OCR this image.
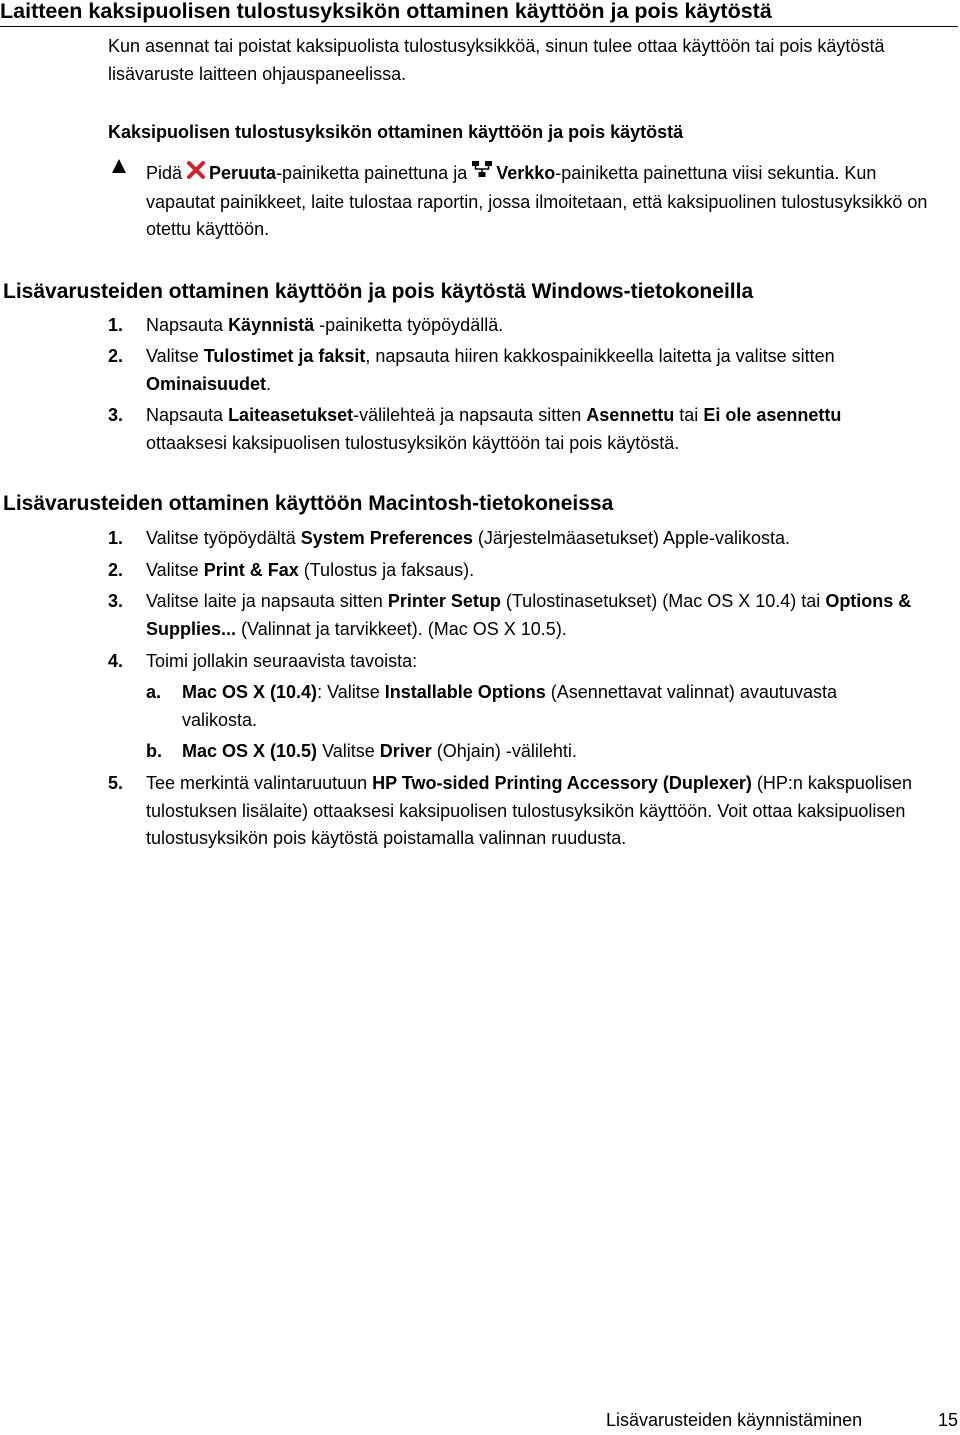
Laitteen kaksipuolisen tulostusyksikön ottaminen käyttöön ja pois käytöstä
Kun asennat tai poistat kaksipuolista tulostusyksikköä, sinun tulee ottaa käyttöön tai pois käytöstä lisävaruste laitteen ohjauspaneelissa.
Kaksipuolisen tulostusyksikön ottaminen käyttöön ja pois käytöstä
Pidä Peruuta-painiketta painettuna ja Verkko-painiketta painettuna viisi sekuntia. Kun vapautat painikkeet, laite tulostaa raportin, jossa ilmoitetaan, että kaksipuolinen tulostusyksikkö on otettu käyttöön.
Lisävarusteiden ottaminen käyttöön ja pois käytöstä Windows-tietokoneilla
1. Napsauta Käynnistä -painiketta työpöydällä.
2. Valitse Tulostimet ja faksit, napsauta hiiren kakkospainikkeella laitetta ja valitse sitten Ominaisuudet.
3. Napsauta Laiteasetukset-välilehteä ja napsauta sitten Asennettu tai Ei ole asennettu ottaaksesi kaksipuolisen tulostusyksikön käyttöön tai pois käytöstä.
Lisävarusteiden ottaminen käyttöön Macintosh-tietokoneissa
1. Valitse työpöydältä System Preferences (Järjestelmäasetukset) Apple-valikosta.
2. Valitse Print & Fax (Tulostus ja faksaus).
3. Valitse laite ja napsauta sitten Printer Setup (Tulostinasetukset) (Mac OS X 10.4) tai Options & Supplies... (Valinnat ja tarvikkeet). (Mac OS X 10.5).
4. Toimi jollakin seuraavista tavoista:
a. Mac OS X (10.4): Valitse Installable Options (Asennettavat valinnat) avautuvasta valikosta.
b. Mac OS X (10.5) Valitse Driver (Ohjain) -välilehti.
5. Tee merkintä valintaruutuun HP Two-sided Printing Accessory (Duplexer) (HP:n kakspuolisen tulostuksen lisälaite) ottaaksesi kaksipuolisen tulostusyksikön käyttöön. Voit ottaa kaksipuolisen tulostusyksikön pois käytöstä poistamalla valinnan ruudusta.
Lisävarusteiden käynnistäminen	15
